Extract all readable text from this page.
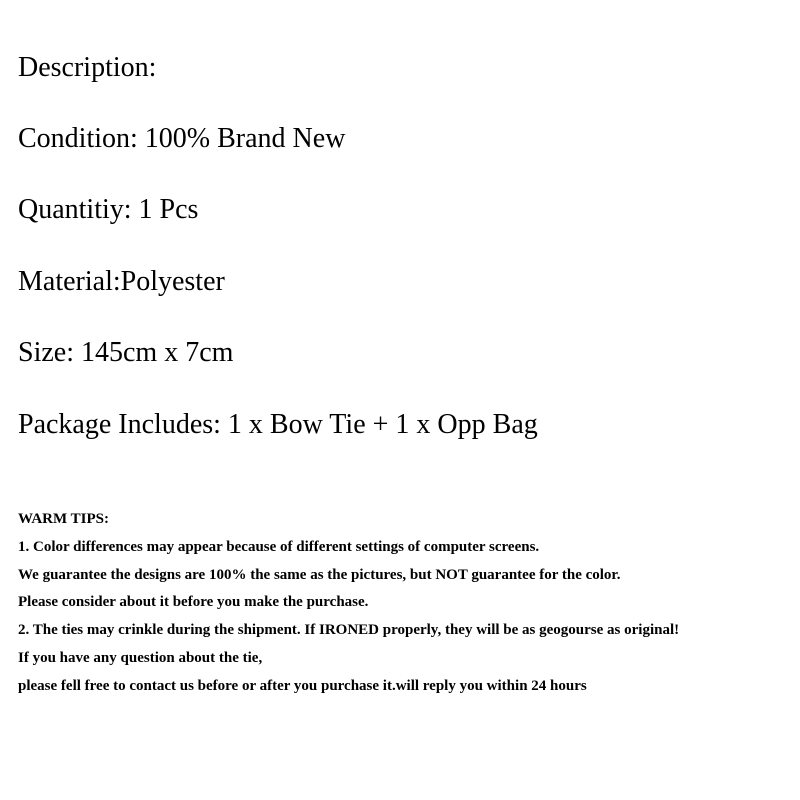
Description:

Condition: 100% Brand New

Quantitiy: 1 Pcs

Material:Polyester

Size: 145cm x 7cm

Package Includes: 1 x Bow Tie + 1 x Opp Bag

WARM TIPS:

1. Color differences may appear because of different settings of computer screens.

We guarantee the designs are 100% the same as the pictures, but NOT guarantee for the color.

Please consider about it before you make the purchase.

2. The ties may crinkle during the shipment. If IRONED properly, they will be as geogourse as original!

If you have any question about the tie,

please fell free to contact us before or after you purchase it.will reply you within 24 hours
